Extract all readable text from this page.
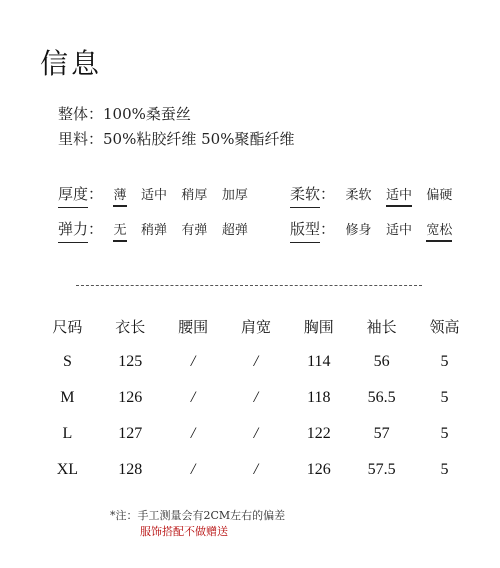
信息
整体：100%桑蚕丝
里料：50%粘胶纤维 50%聚酯纤维
厚度： 薄 适中 稍厚 加厚	柔软： 柔软 适中 偏硬
弹力： 无 稍弹 有弹 超弹	版型： 修身 适中 宽松
尺码	衣长	腰围	肩宽	胸围	袖长	领高
S	125	/	/	114	56	5
M	126	/	/	118	56.5	5
L	127	/	/	122	57	5
XL	128	/	/	126	57.5	5
*注：手工测量会有2CM左右的偏差
服饰搭配不做赠送
